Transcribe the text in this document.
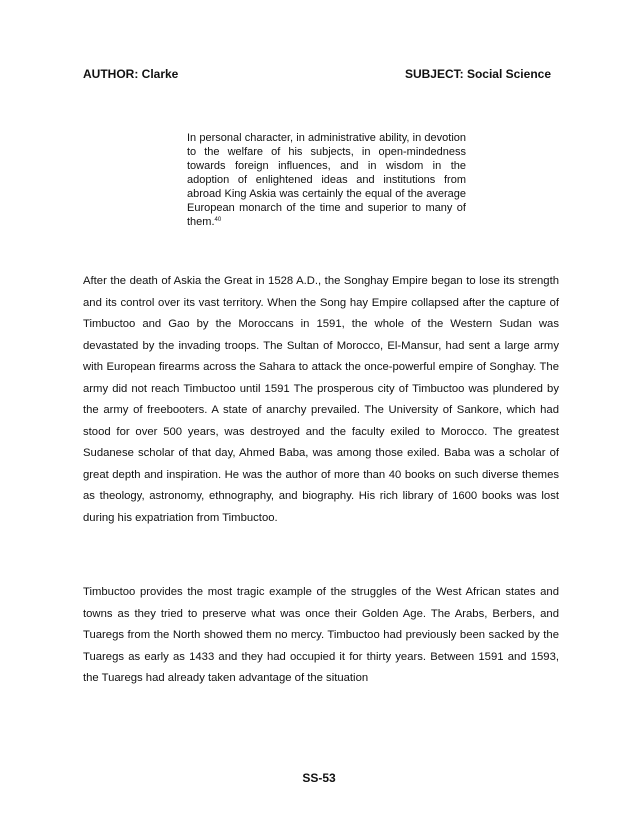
AUTHOR: Clarke	SUBJECT: Social Science
In personal character, in administrative ability, in devotion to the welfare of his subjects, in open-mindedness towards foreign influences, and in wisdom in the adoption of enlightened ideas and institutions from abroad King Askia was certainly the equal of the average European monarch of the time and superior to many of them.$^{40}$

After the death of Askia the Great in 1528 A.D., the Songhay Empire began to lose its strength and its control over its vast territory. When the Song hay Empire collapsed after the capture of Timbuctoo and Gao by the Moroccans in 1591, the whole of the Western Sudan was devastated by the invading troops. The Sultan of Morocco, El-Mansur, had sent a large army with European firearms across the Sahara to attack the once-powerful empire of Songhay. The army did not reach Timbuctoo until 1591 The prosperous city of Timbuctoo was plundered by the army of freebooters. A state of anarchy prevailed. The University of Sankore, which had stood for over 500 years, was destroyed and the faculty exiled to Morocco. The greatest Sudanese scholar of that day, Ahmed Baba, was among those exiled. Baba was a scholar of great depth and inspiration. He was the author of more than 40 books on such diverse themes as theology, astronomy, ethnography, and biography. His rich library of 1600 books was lost during his expatriation from Timbuctoo.

Timbuctoo provides the most tragic example of the struggles of the West African states and towns as they tried to preserve what was once their Golden Age. The Arabs, Berbers, and Tuaregs from the North showed them no mercy. Timbuctoo had previously been sacked by the Tuaregs as early as 1433 and they had occupied it for thirty years. Between 1591 and 1593, the Tuaregs had already taken advantage of the situation

SS-53
